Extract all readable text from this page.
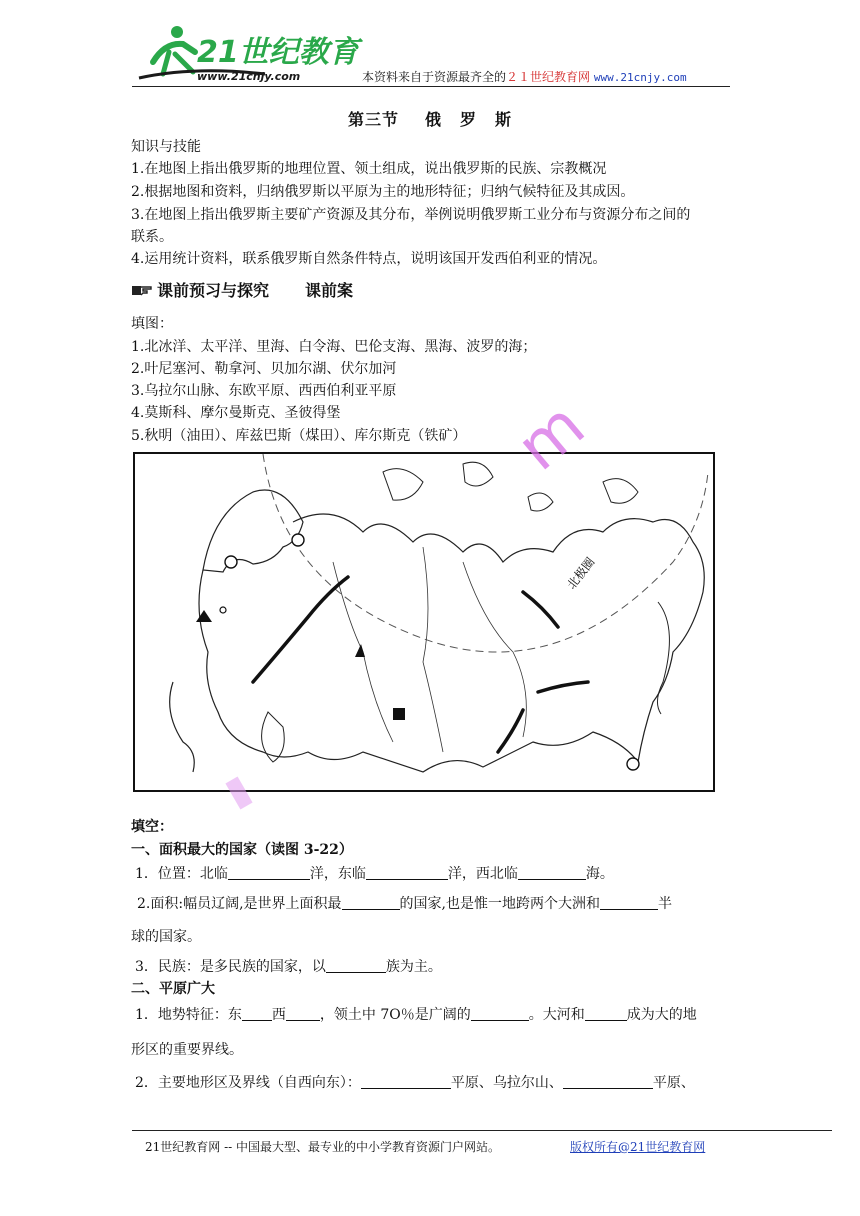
21世纪教育
www.21cnjy.com	本资料来自于资源最齐全的２１世纪教育网 www.21cnjy.com
第三节 俄 罗 斯
知识与技能
1.在地图上指出俄罗斯的地理位置、领土组成，说出俄罗斯的民族、宗教概况
2.根据地图和资料，归纳俄罗斯以平原为主的地形特征；归纳气候特征及其成因。
3.在地图上指出俄罗斯主要矿产资源及其分布，举例说明俄罗斯工业分布与资源分布之间的
联系。
4.运用统计资料，联系俄罗斯自然条件特点，说明该国开发西伯利亚的情况。
课前预习与探究 课前案
填图：
1.北冰洋、太平洋、里海、白令海、巴伦支海、黑海、波罗的海；
2.叶尼塞河、勒拿河、贝加尔湖、伏尔加河
3.乌拉尔山脉、东欧平原、西西伯利亚平原
4.莫斯科、摩尔曼斯克、圣彼得堡
5.秋明（油田）、库兹巴斯（煤田）、库尔斯克（铁矿）
北极圈
m
填空：
一、面积最大的国家（读图 3-22）
1．位置：北临	洋，东临	洋，西北临	海。
2.面积:幅员辽阔,是世界上面积最	的国家,也是惟一地跨两个大洲和	半
球的国家。
3．民族：是多民族的国家，以	族为主。
二、平原广大
1．地势特征：东 西 ，领土中 7O％是广阔的	。大河和	成为大的地
形区的重要界线。
2．主要地形区及界线（自西向东）：	平原、乌拉尔山、	平原、
21世纪教育网 -- 中国最大型、最专业的中小学教育资源门户网站。	版权所有@21世纪教育网
